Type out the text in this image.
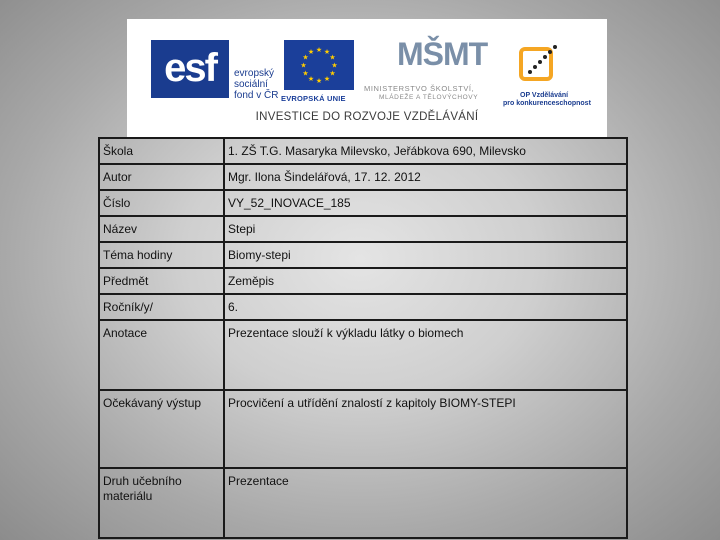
esf	evropský
sociální
fond v ČR
★ ★
★
★
★
★
★
★
★
★
★
★
EVROPSKÁ UNIE
MŠMT
MINISTERSTVO ŠKOLSTVÍ,
MLÁDEŽE A TĚLOVÝCHOVY	OP Vzdělávání
pro konkurenceschopnost
INVESTICE DO ROZVOJE VZDĚLÁVÁNÍ
Škola	1. ZŠ T.G. Masaryka Milevsko, Jeřábkova 690, Milevsko
Autor	Mgr. Ilona Šindelářová, 17. 12. 2012
Číslo	VY_52_INOVACE_185
Název	Stepi
Téma hodiny	Biomy-stepi
Předmět	Zeměpis
Ročník/y/	6.
Anotace	Prezentace slouží k výkladu látky o biomech
Očekávaný výstup	Procvičení a utřídění znalostí z kapitoly BIOMY-STEPI
Druh učebního materiálu	Prezentace
